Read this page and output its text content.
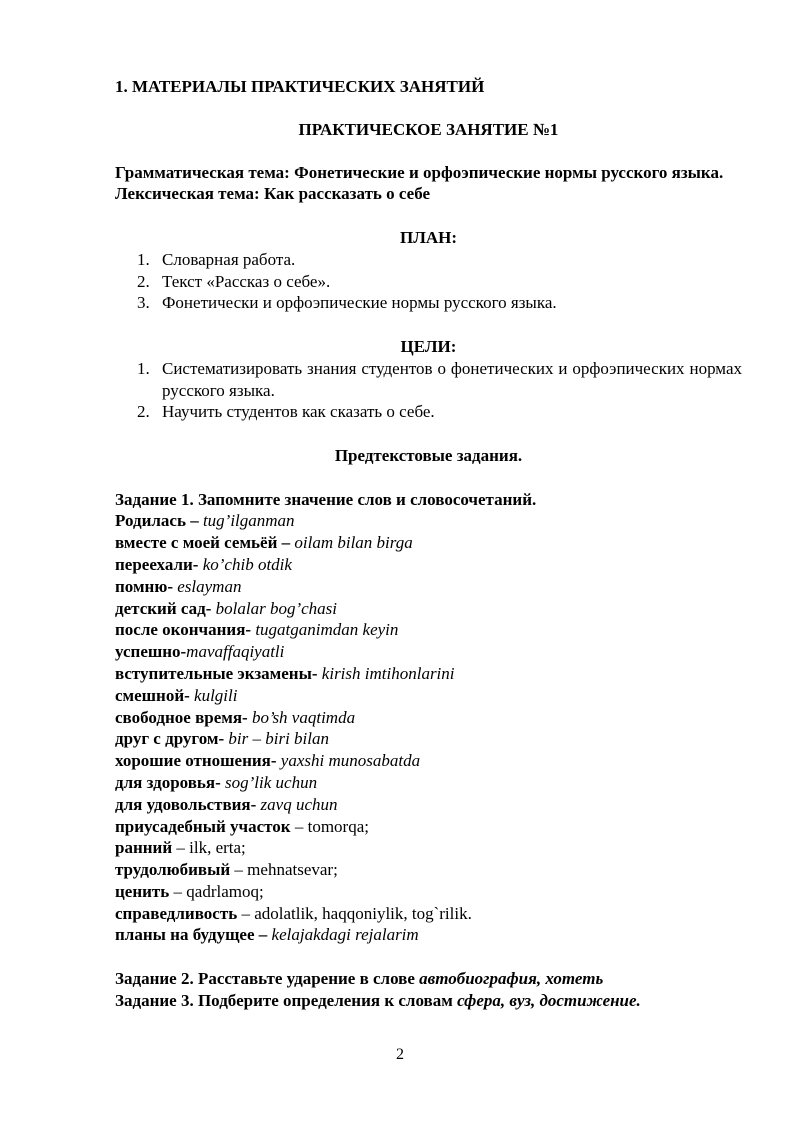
1. МАТЕРИАЛЫ ПРАКТИЧЕСКИХ ЗАНЯТИЙ
ПРАКТИЧЕСКОЕ ЗАНЯТИЕ №1
Грамматическая тема: Фонетические и орфоэпические нормы русского языка.
Лексическая тема: Как рассказать о себе
ПЛАН:
1. Словарная работа.
2. Текст «Рассказ о себе».
3. Фонетически и орфоэпические нормы русского языка.
ЦЕЛИ:
1. Систематизировать знания студентов о фонетических и орфоэпических нормах русского языка.
2. Научить студентов как сказать о себе.
Предтекстовые задания.
Задание 1. Запомните значение слов и словосочетаний.
Родилась – tug’ilganman
вместе с моей семьёй – oilam bilan birga
переехали- ko’chib otdik
помню- eslayman
детский сад- bolalar bog’chasi
после окончания- tugatganimdan keyin
успешно-mavaffaqiyatli
вступительные экзамены- kirish imtihonlarini
смешной- kulgili
свободное время- bo’sh vaqtimda
друг с другом- bir – biri bilan
хорошие отношения- yaxshi munosabatda
для здоровья- sog’lik uchun
для удовольствия- zavq uchun
приусадебный участок – tomorqa;
ранний – ilk, erta;
трудолюбивый – mehnatsevar;
ценить – qadrlamoq;
справедливость – adolatlik, haqqoniylik, tog`rilik.
планы на будущее – kelajakdagi rejalarim
Задание 2. Расставьте ударение в слове автобиография, хотеть
Задание 3. Подберите определения к словам сфера, вуз, достижение.
2
